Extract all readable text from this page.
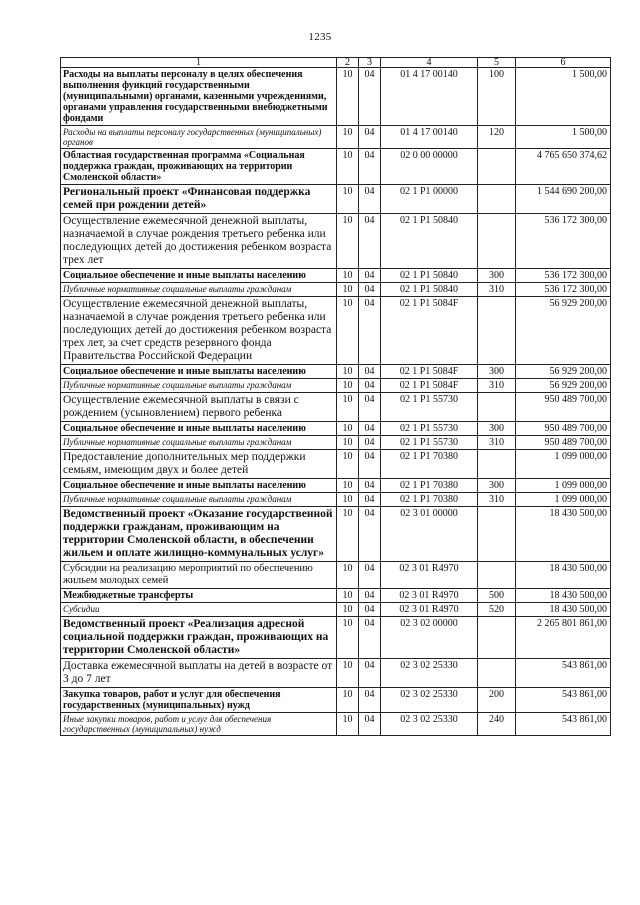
1235
1	2	3	4	5	6
Расходы на выплаты персоналу в целях обеспечения выполнения функций государственными (муниципальными) органами, казенными учреждениями, органами управления государственными внебюджетными фондами	10	04	01 4 17 00140	100	1 500,00
Расходы на выплаты персоналу государственных (муниципальных) органов	10	04	01 4 17 00140	120	1 500,00
Областная государственная программа «Социальная поддержка граждан, проживающих на территории Смоленской области»	10	04	02 0 00 00000		4 765 650 374,62
Региональный проект «Финансовая поддержка семей при рождении детей»	10	04	02 1 P1 00000		1 544 690 200,00
Осуществление ежемесячной денежной выплаты, назначаемой в случае рождения третьего ребенка или последующих детей до достижения ребенком возраста трех лет	10	04	02 1 P1 50840		536 172 300,00
Социальное обеспечение и иные выплаты населению	10	04	02 1 P1 50840	300	536 172 300,00
Публичные нормативные социальные выплаты гражданам	10	04	02 1 P1 50840	310	536 172 300,00
Осуществление ежемесячной денежной выплаты, назначаемой в случае рождения третьего ребенка или последующих детей до достижения ребенком возраста трех лет, за счет средств резервного фонда Правительства Российской Федерации	10	04	02 1 P1 5084F		56 929 200,00
Социальное обеспечение и иные выплаты населению	10	04	02 1 P1 5084F	300	56 929 200,00
Публичные нормативные социальные выплаты гражданам	10	04	02 1 P1 5084F	310	56 929 200,00
Осуществление ежемесячной выплаты в связи с рождением (усыновлением) первого ребенка	10	04	02 1 P1 55730		950 489 700,00
Социальное обеспечение и иные выплаты населению	10	04	02 1 P1 55730	300	950 489 700,00
Публичные нормативные социальные выплаты гражданам	10	04	02 1 P1 55730	310	950 489 700,00
Предоставление дополнительных мер поддержки семьям, имеющим двух и более детей	10	04	02 1 P1 70380		1 099 000,00
Социальное обеспечение и иные выплаты населению	10	04	02 1 P1 70380	300	1 099 000,00
Публичные нормативные социальные выплаты гражданам	10	04	02 1 P1 70380	310	1 099 000,00
Ведомственный проект «Оказание государственной поддержки гражданам, проживающим на территории Смоленской области, в обеспечении жильем и оплате жилищно-коммунальных услуг»	10	04	02 3 01 00000		18 430 500,00
Субсидии на реализацию мероприятий по обеспечению жильем молодых семей	10	04	02 3 01 R4970		18 430 500,00
Межбюджетные трансферты	10	04	02 3 01 R4970	500	18 430 500,00
Субсидии	10	04	02 3 01 R4970	520	18 430 500,00
Ведомственный проект «Реализация адресной социальной поддержки граждан, проживающих на территории Смоленской области»	10	04	02 3 02 00000		2 265 801 861,00
Доставка ежемесячной выплаты на детей в возрасте от 3 до 7 лет	10	04	02 3 02 25330		543 861,00
Закупка товаров, работ и услуг для обеспечения государственных (муниципальных) нужд	10	04	02 3 02 25330	200	543 861,00
Иные закупки товаров, работ и услуг для обеспечения государственных (муниципальных) нужд	10	04	02 3 02 25330	240	543 861,00
